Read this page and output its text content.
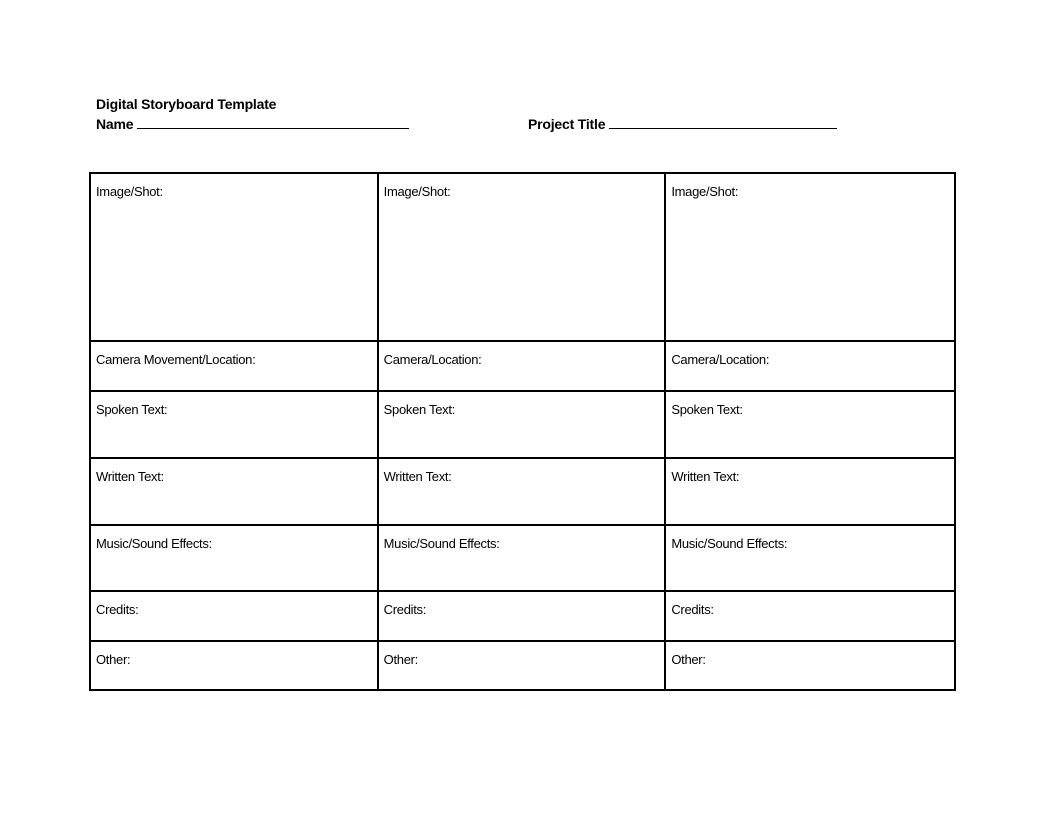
Digital Storyboard Template
Name	Project Title
Image/Shot:	Image/Shot:	Image/Shot:
Camera Movement/Location:	Camera/Location:	Camera/Location:
Spoken Text:	Spoken Text:	Spoken Text:
Written Text:	Written Text:	Written Text:
Music/Sound Effects:	Music/Sound Effects:	Music/Sound Effects:
Credits:	Credits:	Credits:
Other:	Other:	Other:
